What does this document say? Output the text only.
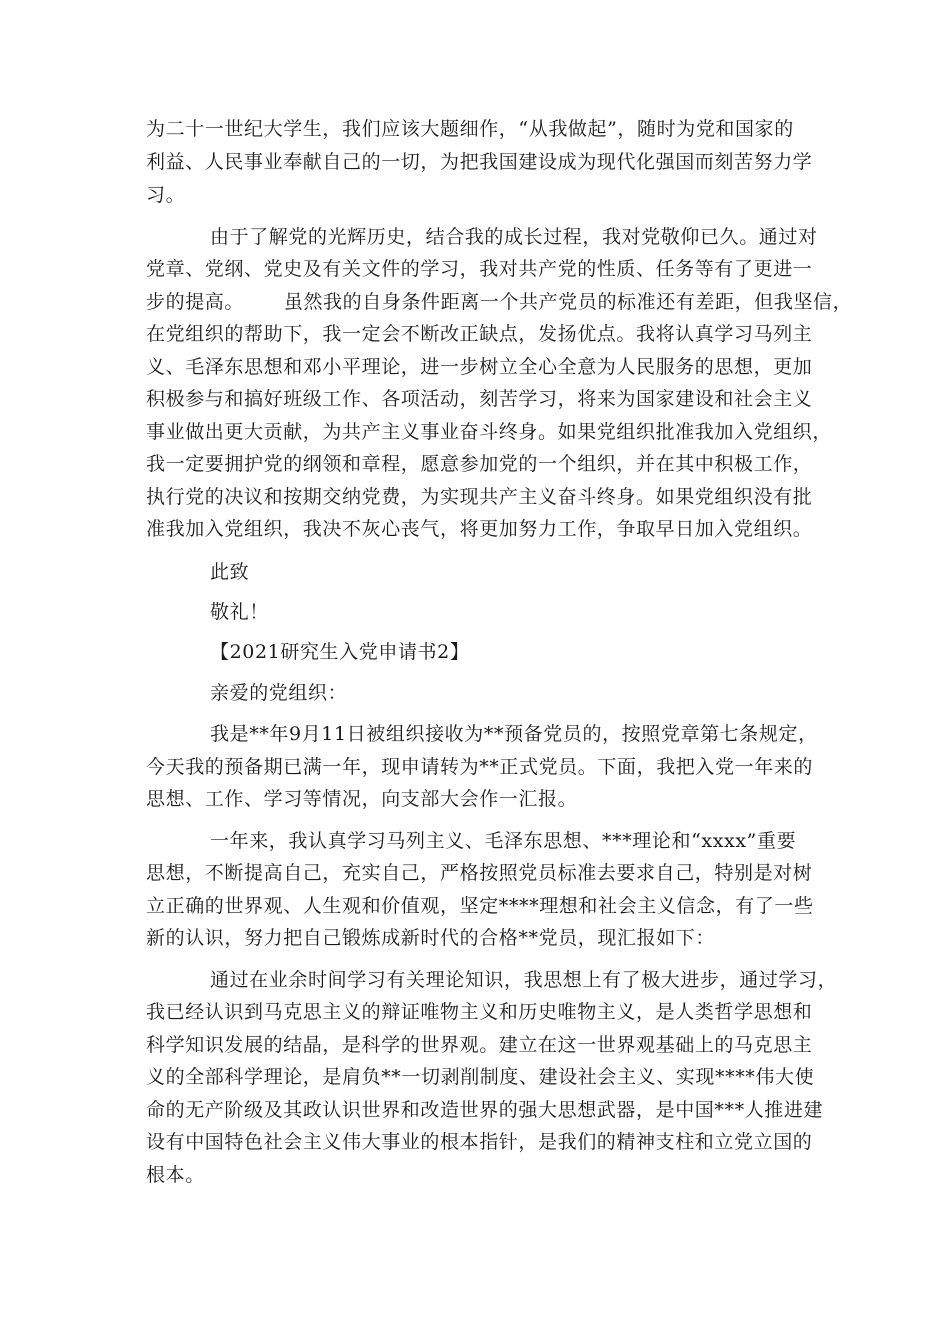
为二十一世纪大学生，我们应该大题细作，“从我做起”，随时为党和国家的
利益、人民事业奉献自己的一切，为把我国建设成为现代化强国而刻苦努力学
习。
由于了解党的光辉历史，结合我的成长过程，我对党敬仰已久。通过对
党章、党纲、党史及有关文件的学习，我对共产党的性质、任务等有了更进一
步的提高。      虽然我的自身条件距离一个共产党员的标准还有差距，但我坚信，
在党组织的帮助下，我一定会不断改正缺点，发扬优点。我将认真学习马列主
义、毛泽东思想和邓小平理论，进一步树立全心全意为人民服务的思想，更加
积极参与和搞好班级工作、各项活动，刻苦学习，将来为国家建设和社会主义
事业做出更大贡献，为共产主义事业奋斗终身。如果党组织批准我加入党组织，
我一定要拥护党的纲领和章程，愿意参加党的一个组织，并在其中积极工作，
执行党的决议和按期交纳党费，为实现共产主义奋斗终身。如果党组织没有批
准我加入党组织，我决不灰心丧气，将更加努力工作，争取早日加入党组织。
此致
敬礼！
【2021研究生入党申请书2】
亲爱的党组织：
我是**年9月11日被组织接收为**预备党员的，按照党章第七条规定，
今天我的预备期已满一年，现申请转为**正式党员。下面，我把入党一年来的
思想、工作、学习等情况，向支部大会作一汇报。
一年来，我认真学习马列主义、毛泽东思想、***理论和“xxxx”重要
思想，不断提高自己，充实自己，严格按照党员标准去要求自己，特别是对树
立正确的世界观、人生观和价值观，坚定****理想和社会主义信念，有了一些
新的认识，努力把自己锻炼成新时代的合格**党员，现汇报如下：
通过在业余时间学习有关理论知识，我思想上有了极大进步，通过学习，
我已经认识到马克思主义的辩证唯物主义和历史唯物主义，是人类哲学思想和
科学知识发展的结晶，是科学的世界观。建立在这一世界观基础上的马克思主
义的全部科学理论，是肩负**一切剥削制度、建设社会主义、实现****伟大使
命的无产阶级及其政认识世界和改造世界的强大思想武器，是中国***人推进建
设有中国特色社会主义伟大事业的根本指针，是我们的精神支柱和立党立国的
根本。
